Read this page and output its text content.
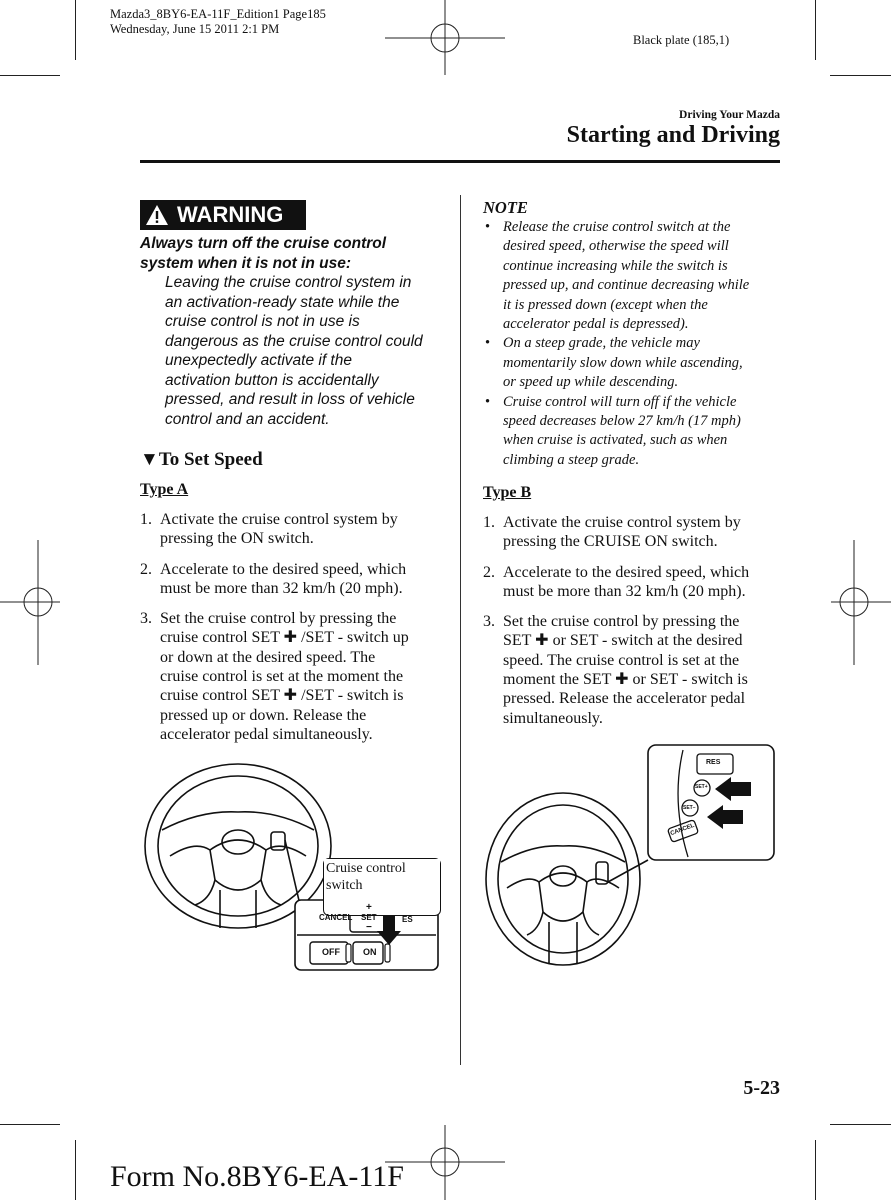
Mazda3_8BY6-EA-11F_Edition1 Page185
Wednesday, June 15 2011 2:1 PM
Black plate (185,1)
Driving Your Mazda
Starting and Driving
WARNING
Always turn off the cruise control
system when it is not in use:
Leaving the cruise control system in
an activation-ready state while the
cruise control is not in use is
dangerous as the cruise control could
unexpectedly activate if the
activation button is accidentally
pressed, and result in loss of vehicle
control and an accident.
▼To Set Speed
Type A
1. Activate the cruise control system by
pressing the ON switch.
2. Accelerate to the desired speed, which
must be more than 32 km/h (20 mph).
3. Set the cruise control by pressing the
cruise control SET ✚ /SET - switch up
or down at the desired speed. The
cruise control is set at the moment the
cruise control SET ✚ /SET - switch is
pressed up or down. Release the
accelerator pedal simultaneously.
Cruise control
switch
CANCEL SET
+
−
ES
OFF	ON
NOTE
• Release the cruise control switch at the
desired speed, otherwise the speed will
continue increasing while the switch is
pressed up, and continue decreasing while
it is pressed down (except when the
accelerator pedal is depressed).
• On a steep grade, the vehicle may
momentarily slow down while ascending,
or speed up while descending.
• Cruise control will turn off if the vehicle
speed decreases below 27 km/h (17 mph)
when cruise is activated, such as when
climbing a steep grade.
Type B
1. Activate the cruise control system by
pressing the CRUISE ON switch.
2. Accelerate to the desired speed, which
must be more than 32 km/h (20 mph).
3. Set the cruise control by pressing the
SET ✚ or SET - switch at the desired
speed. The cruise control is set at the
moment the SET ✚ or SET - switch is
pressed. Release the accelerator pedal
simultaneously.
RES
SET+
SET−
CANCEL
5-23
Form No.8BY6-EA-11F
